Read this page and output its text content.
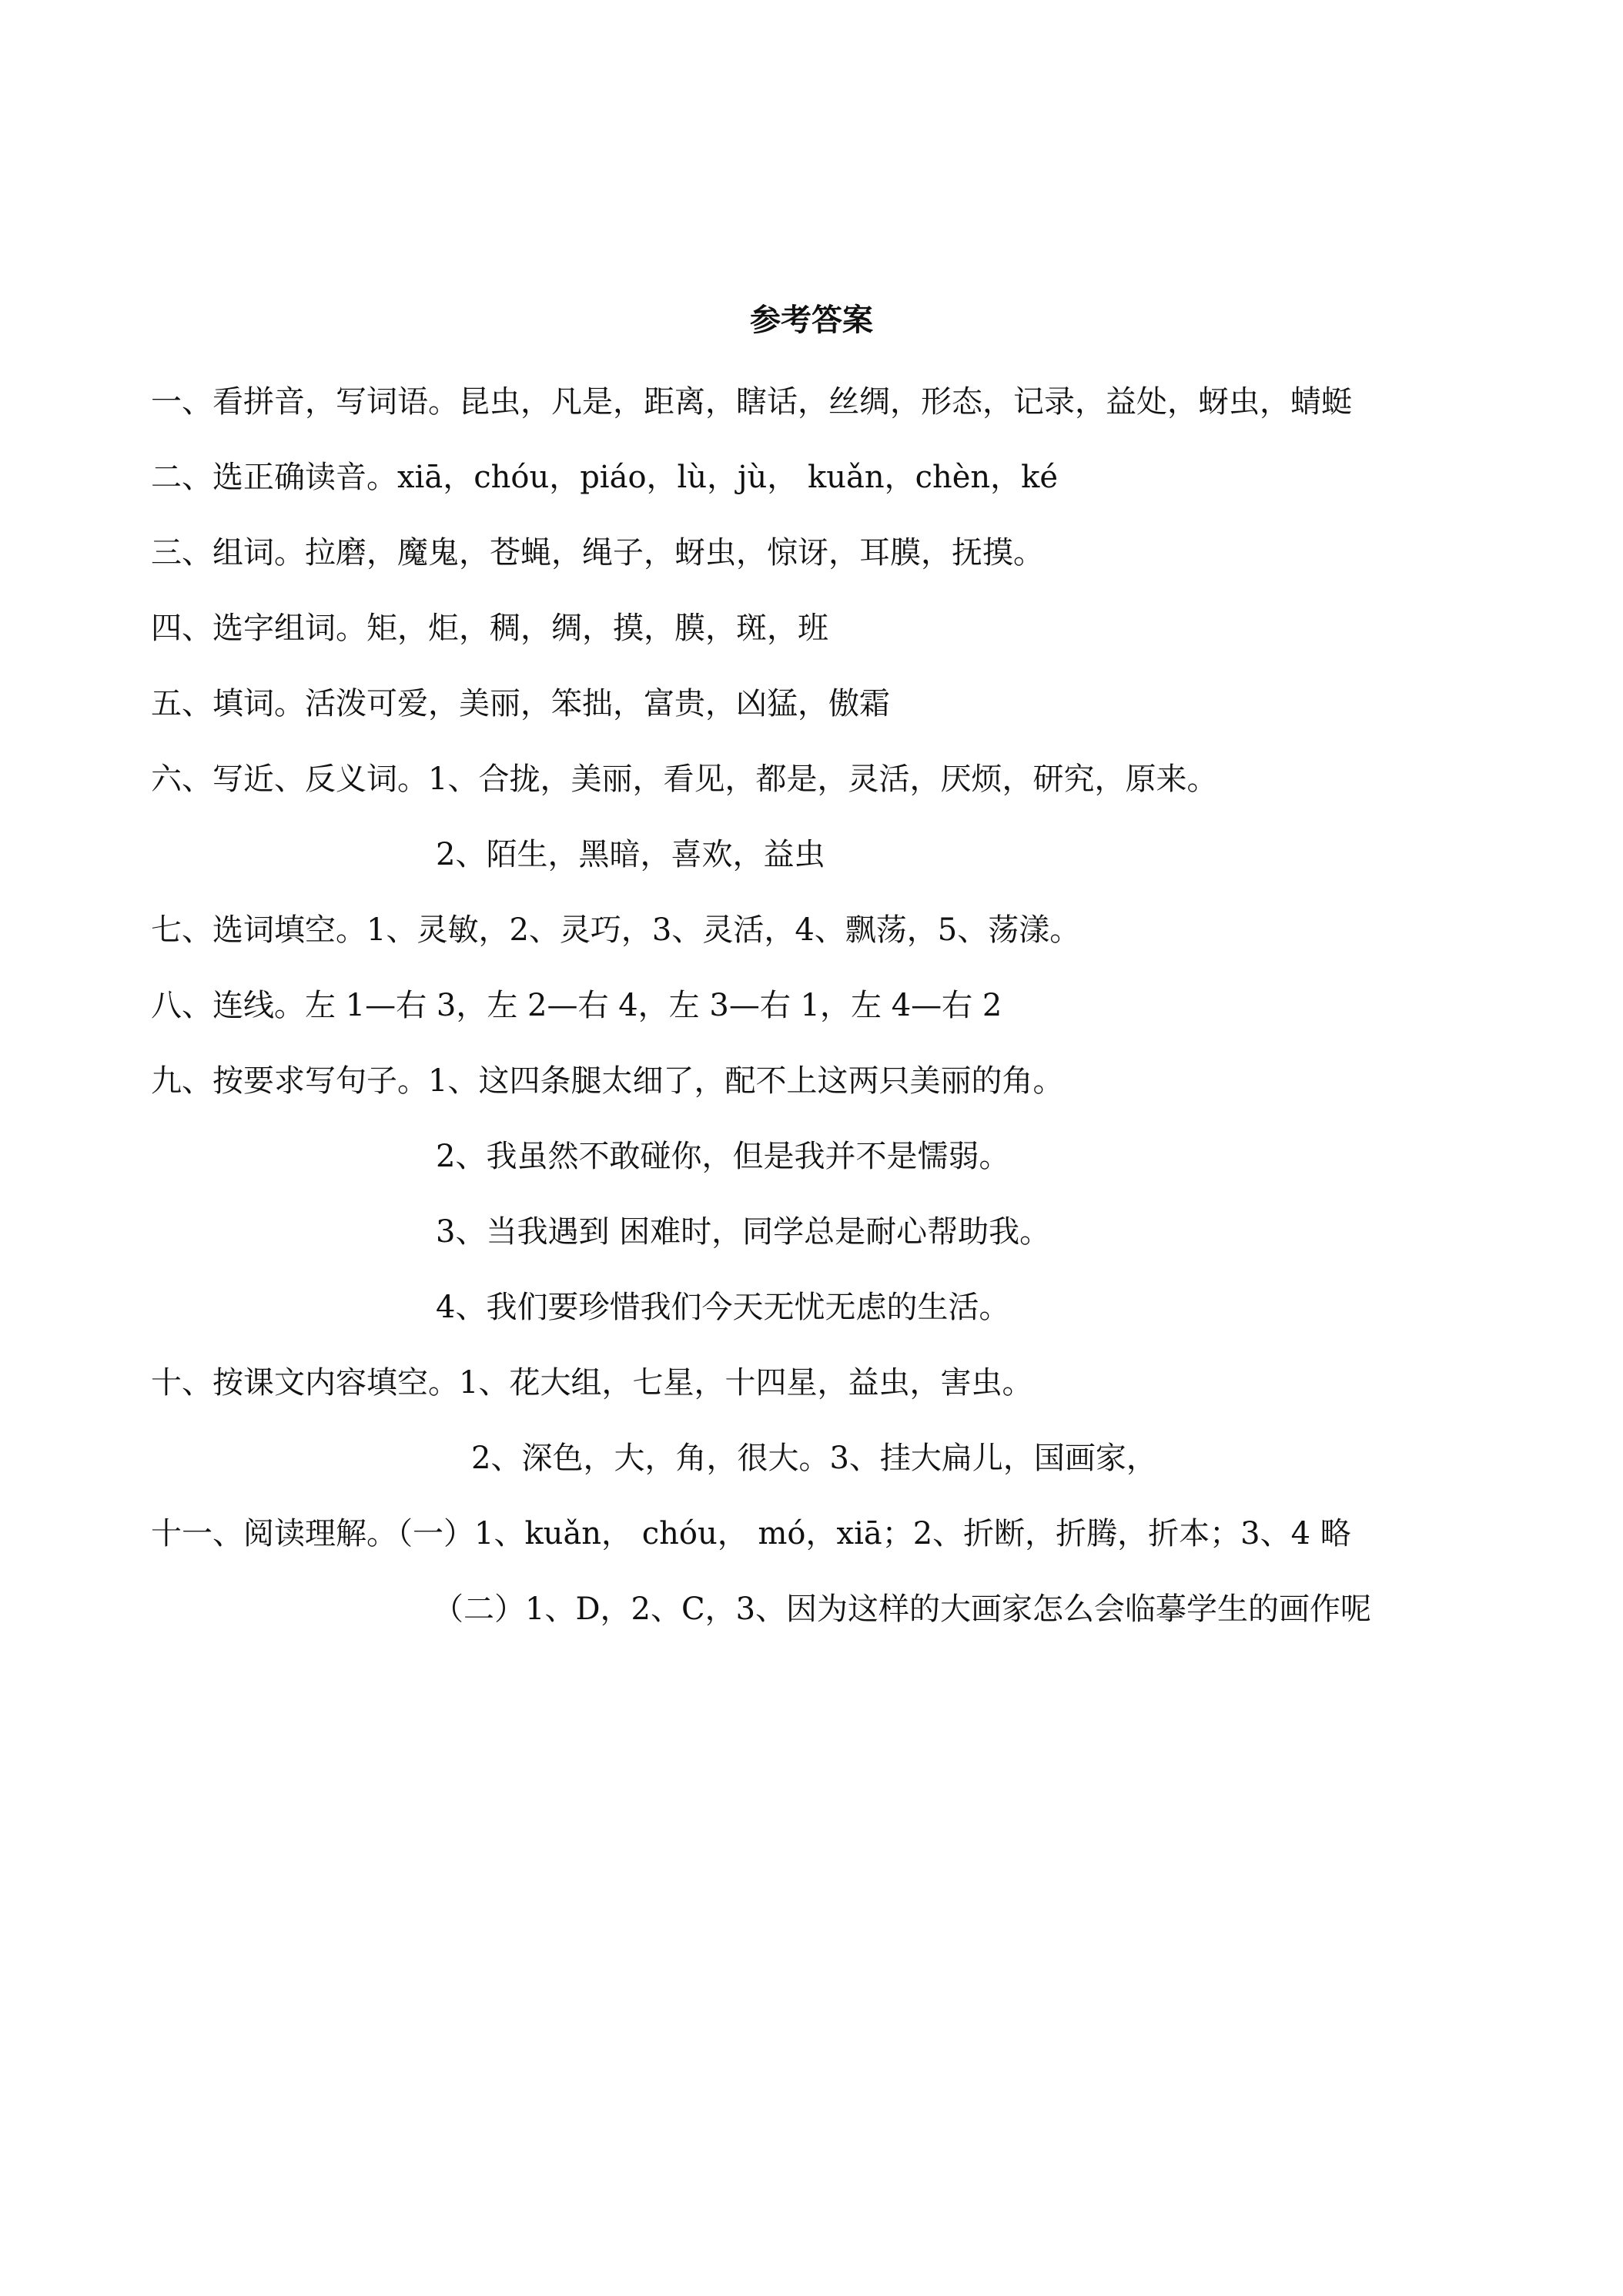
参考答案
一、看拼音，写词语。昆虫，凡是，距离，瞎话，丝绸，形态，记录，益处，蚜虫，蜻蜓
二、选正确读音。xiā，chóu，piáo，lù，jù， kuǎn，chèn，ké
三、组词。拉磨，魔鬼，苍蝇，绳子，蚜虫，惊讶，耳膜，抚摸。
四、选字组词。矩，炬，稠，绸，摸，膜，斑，班
五、填词。活泼可爱，美丽，笨拙，富贵，凶猛，傲霜
六、写近、反义词。1、合拢，美丽，看见，都是，灵活，厌烦，研究，原来。
2、陌生，黑暗，喜欢，益虫
七、选词填空。1、灵敏，2、灵巧，3、灵活，4、飘荡，5、荡漾。
八、连线。左 1—右 3，左 2—右 4，左 3—右 1，左 4—右 2
九、按要求写句子。1、这四条腿太细了，配不上这两只美丽的角。
2、我虽然不敢碰你，但是我并不是懦弱。
3、当我遇到 困难时，同学总是耐心帮助我。
4、我们要珍惜我们今天无忧无虑的生活。
十、按课文内容填空。1、花大组，七星，十四星，益虫，害虫。
2、深色，大，角，很大。3、挂大扁儿，国画家，
十一、阅读理解。（一）1、kuǎn， chóu， mó，xiā；2、折断，折腾，折本；3、4 略
（二）1、D，2、C，3、因为这样的大画家怎么会临摹学生的画作呢
